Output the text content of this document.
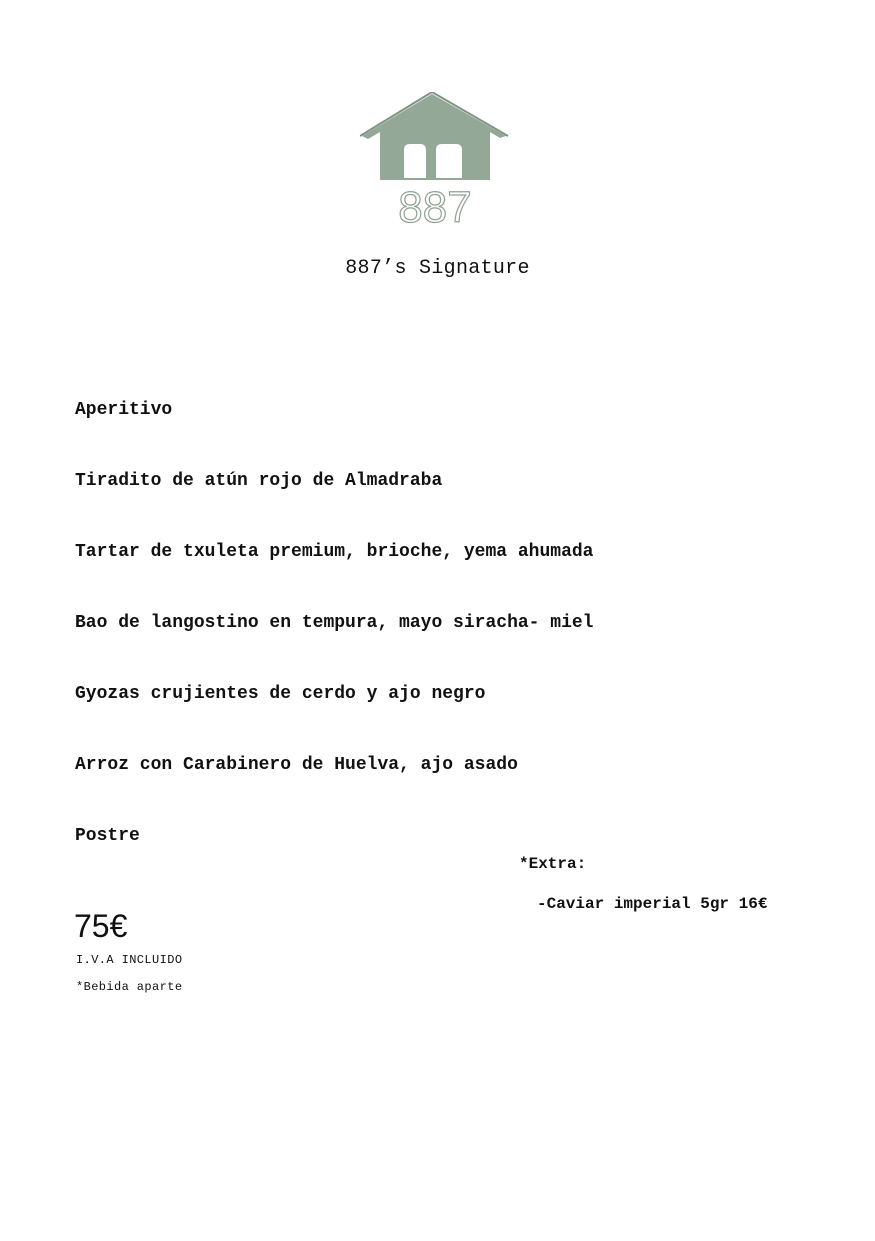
887
887’s Signature
Aperitivo
Tiradito de atún rojo de Almadraba
Tartar de txuleta premium, brioche, yema ahumada
Bao de langostino en tempura, mayo siracha- miel
Gyozas crujientes de cerdo y ajo negro
Arroz con Carabinero de Huelva, ajo asado
Postre
*Extra:
-Caviar imperial 5gr 16€
75€
I.V.A INCLUIDO
*Bebida aparte
